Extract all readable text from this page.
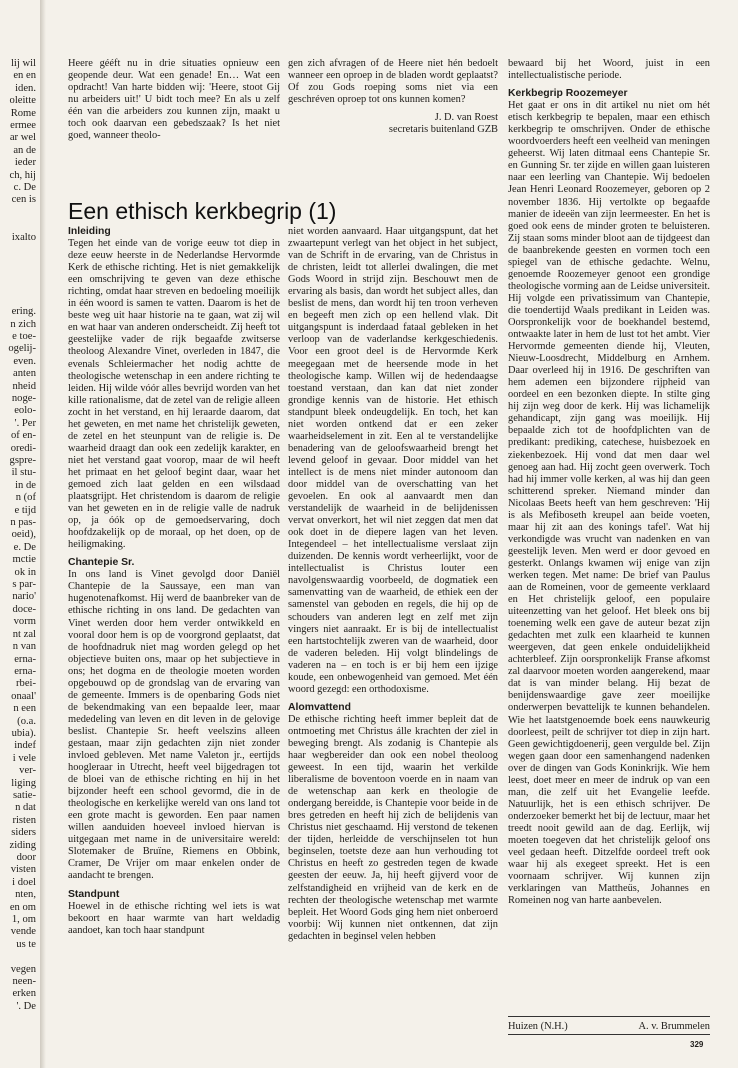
lij wil
en en
iden.
oleitte
Rome
ermee
ar wel
an de
ieder
ch, hij
c. De
cen is

ixalto

ering.
n zich
e toe-
ogelij-
even.
anten
nheid
noge-
eolo-
'. Per
of en-
oredi-
gspre-
il stu-
in de
n (of
e tijd
n pas-
oeid),
e. De
mctie
ok in
s par-
nario'
doce-
vorm
nt zal
n van
erna-
erna-
rbei-
onaal'
n een
(o.a.
ubia).
indef
i vele
ver-
liging
satie-
n dat
risten
siders
ziding
door
visten
i doel
nten,
en om
1, om
vende
us te

vegen
neen-
erken
'. De

Heere gééft nu in drie situaties opnieuw een geopende deur. Wat een genade! En… Wat een opdracht! Van harte bidden wij: 'Heere, stoot Gij nu arbeiders uit!' U bidt toch mee? En als u zelf één van die arbeiders zou kunnen zijn, maakt u toch ook daarvan een gebedszaak? Is het niet goed, wanneer theolo-

gen zich afvragen of de Heere niet hén bedoelt wanneer een oproep in de bladen wordt geplaatst? Of zou Gods roeping soms niet via een geschréven oproep tot ons kunnen komen?

J. D. van Roest
secretaris buitenland GZB
Een ethisch kerkbegrip (1)
Inleiding

Tegen het einde van de vorige eeuw tot diep in deze eeuw heerste in de Nederlandse Hervormde Kerk de ethische richting. Het is niet gemakkelijk een omschrijving te geven van deze ethische richting, omdat haar streven en bedoeling moeilijk in één woord is samen te vatten. Daarom is het de beste weg uit haar historie na te gaan, wat zij wil en wat haar van anderen onderscheidt. Zij heeft tot geestelijke vader de rijk begaafde zwitserse theoloog Alexandre Vinet, overleden in 1847, die evenals Schleiermacher het nodig achtte de theologische wetenschap in een andere richting te leiden. Hij wilde vóór alles bevrijd worden van het kille rationalisme, dat de zetel van de religie alleen zocht in het verstand, en hij leraarde daarom, dat het geweten, en met name het christelijk geweten, de zetel en het steunpunt van de religie is. De waarheid draagt dan ook een zedelijk karakter, en niet het verstand gaat voorop, maar de wil heeft het primaat en het geloof begint daar, waar het gemoed zich laat gelden en een wilsdaad plaatsgrijpt. Het christendom is daarom de religie van het geweten en in de religie valle de nadruk op, ja óók op de gemoedservaring, doch hoofdzakelijk op de moraal, op het doen, op de heiligmaking.

Chantepie Sr.

In ons land is Vinet gevolgd door Daniël Chantepie de la Saussaye, een man van hugenotenafkomst. Hij werd de baanbreker van de ethische richting in ons land. De gedachten van Vinet werden door hem verder ontwikkeld en vooral door hem is op de voorgrond geplaatst, dat de hoofdnadruk niet mag worden gelegd op het objectieve buiten ons, maar op het subjectieve in ons; het dogma en de theologie moeten worden opgebouwd op de grondslag van de ervaring van de gemeente. Immers is de openbaring Gods niet de bekendmaking van een bepaalde leer, maar mededeling van leven en dit leven in de gelovige beslist. Chantepie Sr. heeft veelszins alleen gestaan, maar zijn gedachten zijn niet zonder invloed gebleven. Met name Valeton jr., eertijds hoogleraar in Utrecht, heeft veel bijgedragen tot de bloei van de ethische richting en hij in het bijzonder heeft een school gevormd, die in de theologische en kerkelijke wereld van ons land tot een grote macht is geworden. Een paar namen willen aanduiden hoeveel invloed hiervan is uitgegaan met name in de universitaire wereld: Slotemaker de Bruïne, Riemens en Obbink, Cramer, De Vrijer om maar enkelen onder de aandacht te brengen.

Standpunt

Hoewel in de ethische richting wel iets is wat bekoort en haar warmte van hart weldadig aandoet, kan toch haar standpunt

niet worden aanvaard. Haar uitgangspunt, dat het zwaartepunt verlegt van het object in het subject, van de Schrift in de ervaring, van de Christus in de christen, leidt tot allerlei dwalingen, die met Gods Woord in strijd zijn. Beschouwt men de ervaring als basis, dan wordt het subject alles, dan beslist de mens, dan wordt hij ten troon verheven en begeeft men zich op een hellend vlak. Dit uitgangspunt is inderdaad fataal gebleken in het verloop van de vaderlandse kerkgeschiedenis. Voor een groot deel is de Hervormde Kerk meegegaan met de heersende mode in het theologische kamp. Willen wij de hedendaagse toestand verstaan, dan kan dat niet zonder grondige kennis van de historie. Het ethisch standpunt bleek ondeugdelijk. En toch, het kan niet worden ontkend dat er een zeker waarheidselement in zit. Een al te verstandelijke benadering van de geloofswaarheid brengt het levend geloof in gevaar. Door middel van het intellect is de mens niet minder autonoom dan door middel van de overschatting van het gevoelen. En ook al aanvaardt men dan verstandelijk de waarheid in de belijdenissen vervat onverkort, het wil niet zeggen dat men dat ook doet in de diepere lagen van het leven. Integendeel – het intellectualisme verslaat zijn duizenden. De kennis wordt verheerlijkt, voor de intellectualist is Christus louter een navolgenswaardig voorbeeld, de dogmatiek een samenvatting van de waarheid, de ethiek een der samenstel van geboden en regels, die hij op de schouders van anderen legt en zelf met zijn vingers niet aanraakt. Er is bij de intellectualist een hartstochtelijk zweren van de waarheid, door de vaderen beleden. Hij volgt blindelings de vaderen na – en toch is er bij hem een ijzige koude, een onbewogenheid van gemoed. Met één woord gezegd: een orthodoxisme.

Alomvattend

De ethische richting heeft immer bepleit dat de ontmoeting met Christus álle krachten der ziel in beweging brengt. Als zodanig is Chantepie als haar wegbereider dan ook een nobel theoloog geweest. In een tijd, waarin het verkilde liberalisme de boventoon voerde en in naam van de wetenschap aan kerk en theologie de ondergang bereidde, is Chantepie voor beide in de bres getreden en heeft hij zich de belijdenis van Christus niet geschaamd. Hij verstond de tekenen der tijden, herleidde de verschijnselen tot hun beginselen, toetste deze aan hun verhouding tot Christus en heeft zo gestreden tegen de kwade geesten der eeuw. Ja, hij heeft gijverd voor de zelfstandigheid en vrijheid van de kerk en de rechten der theologische wetenschap met warmte bepleit. Het Woord Gods ging hem niet onberoerd voorbij: Wij kunnen niet ontkennen, dat zijn gedachten in beginsel velen hebben

bewaard bij het Woord, juist in een intellectualistische periode.

Kerkbegrip Roozemeyer

Het gaat er ons in dit artikel nu niet om hét etisch kerkbegrip te bepalen, maar een ethisch kerkbegrip te omschrijven. Onder de ethische woordvoerders heeft een veelheid van meningen geheerst. Wij laten ditmaal eens Chantepie Sr. en Gunning Sr. ter zijde en willen gaan luisteren naar een leerling van Chantepie. Wij bedoelen Jean Henri Leonard Roozemeyer, geboren op 2 november 1836. Hij vertolkte op begaafde manier de ideeën van zijn leermeester. En het is goed ook eens de minder groten te beluisteren. Zij staan soms minder bloot aan de tijdgeest dan de baanbrekende geesten en vormen toch een spiegel van de ethische gedachte. Welnu, genoemde Roozemeyer genoot een grondige theologische vorming aan de Leidse universiteit. Hij volgde een privatissimum van Chantepie, die toendertijd Waals predikant in Leiden was. Oorspronkelijk voor de boekhandel bestemd, ontwaakte later in hem de lust tot het ambt. Vier Hervormde gemeenten diende hij, Vleuten, Nieuw-Loosdrecht, Middelburg en Arnhem. Daar overleed hij in 1916. De geschriften van hem ademen een bijzondere rijpheid van oordeel en een bezonken diepte. In stilte ging hij zijn weg door de kerk. Hij was lichamelijk gehandicapt, zijn gang was moeilijk. Hij bepaalde zich tot de hoofdplichten van de predikant: prediking, catechese, huisbezoek en ziekenbezoek. Hij vond dat men daar wel genoeg aan had. Hij zocht geen overwerk. Toch had hij immer volle kerken, al was hij dan geen schitterend spreker. Niemand minder dan Nicolaas Beets heeft van hem geschreven: 'Hij is als Mefiboseth kreupel aan beide voeten, maar hij zit aan des konings tafel'. Wat hij verkondigde was vrucht van nadenken en van geestelijk leven. Men werd er door gevoed en gesterkt. Onlangs kwamen wij enige van zijn werken tegen. Met name: De brief van Paulus aan de Romeinen, voor de gemeente verklaard en Het christelijk geloof, een populaire uiteenzetting van het geloof. Het bleek ons bij toeneming welk een gave de auteur bezat zijn gedachten met zulk een klaarheid te kunnen weergeven, dat geen enkele onduidelijkheid achterbleef. Zijn oorspronkelijk Franse afkomst zal daarvoor moeten worden aangerekend, maar dat is van minder belang. Hij bezat de benijdenswaardige gave zeer moeilijke onderwerpen bevattelijk te kunnen behandelen. Wie het laatstgenoemde boek eens nauwkeurig doorleest, peilt de schrijver tot diep in zijn hart. Geen gewichtigdoenerij, geen vergulde bel. Zijn wegen gaan door een samenhangend nadenken over de dingen van Gods Koninkrijk. Wie hem leest, doet meer en meer de indruk op van een man, die zelf uit het Evangelie leefde. Natuurlijk, het is een ethisch schrijver. De onderzoeker bemerkt het bij de lectuur, maar het treedt nooit gewild aan de dag. Eerlijk, wij moeten toegeven dat het christelijk geloof ons veel gedaan heeft. Ditzelfde oordeel treft ook waar hij als exegeet spreekt. Het is een voornaam schrijver. Wij kunnen zijn verklaringen van Mattheüs, Johannes en Romeinen nog van harte aanbevelen.

Huizen (N.H.)	A. v. Brummelen
329
